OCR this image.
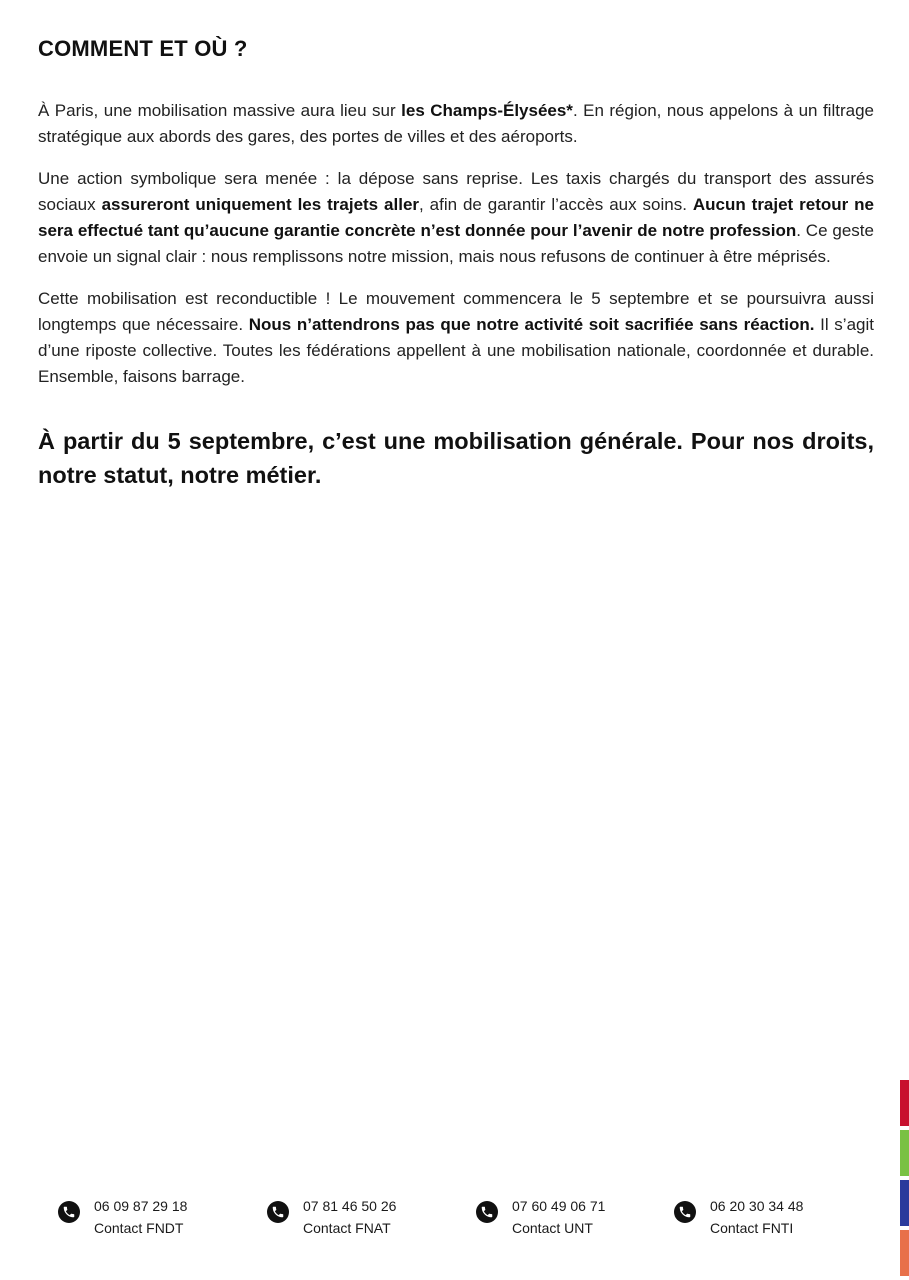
COMMENT ET OÙ ?

À Paris, une mobilisation massive aura lieu sur les Champs-Élysées*. En région, nous appelons à un filtrage stratégique aux abords des gares, des portes de villes et des aéroports.

Une action symbolique sera menée : la dépose sans reprise. Les taxis chargés du transport des assurés sociaux assureront uniquement les trajets aller, afin de garantir l’accès aux soins. Aucun trajet retour ne sera effectué tant qu’aucune garantie concrète n’est donnée pour l’avenir de notre profession. Ce geste envoie un signal clair : nous remplissons notre mission, mais nous refusons de continuer à être méprisés.

Cette mobilisation est reconductible ! Le mouvement commencera le 5 septembre et se poursuivra aussi longtemps que nécessaire. Nous n’attendrons pas que notre activité soit sacrifiée sans réaction. Il s’agit d’une riposte collective. Toutes les fédérations appellent à une mobilisation nationale, coordonnée et durable. Ensemble, faisons barrage.

À partir du 5 septembre, c’est une mobilisation générale. Pour nos droits, notre statut, notre métier.

06 09 87 29 18
Contact FNDT
07 81 46 50 26
Contact FNAT
07 60 49 06 71
Contact UNT
06 20 30 34 48
Contact FNTI
